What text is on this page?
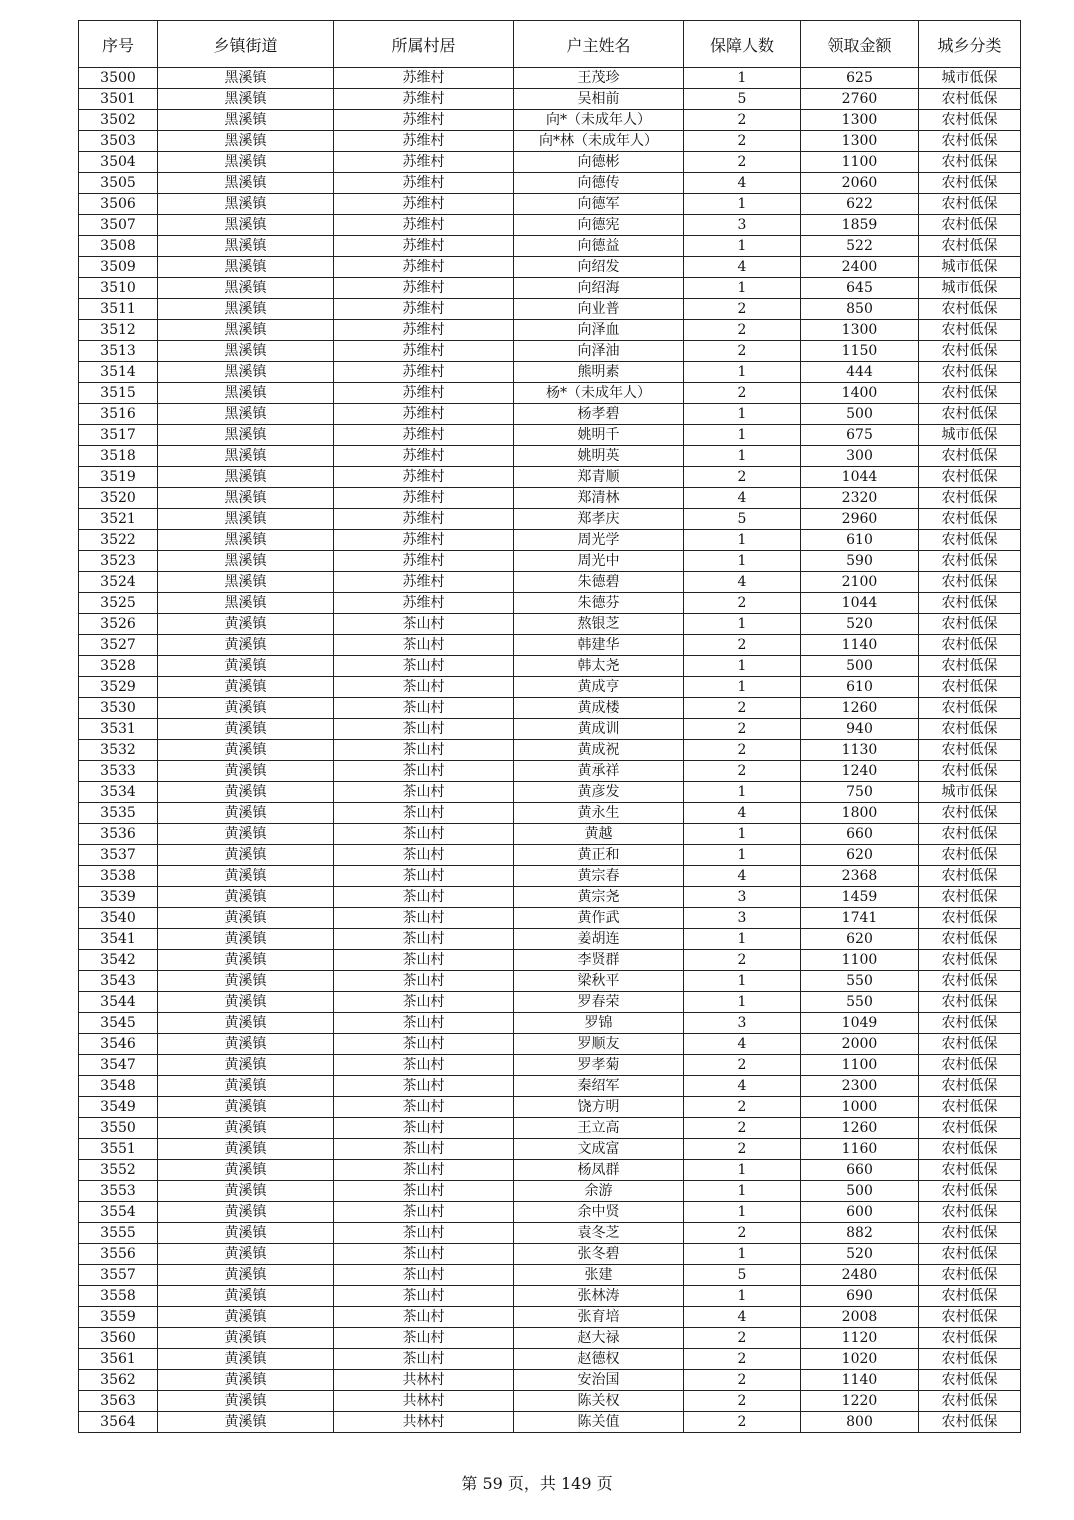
序号	乡镇街道	所属村居	户主姓名	保障人数	领取金额	城乡分类
3500	黑溪镇	苏维村	王茂珍	1	625	城市低保
3501	黑溪镇	苏维村	吴相前	5	2760	农村低保
3502	黑溪镇	苏维村	向*（未成年人）	2	1300	农村低保
3503	黑溪镇	苏维村	向*林（未成年人）	2	1300	农村低保
3504	黑溪镇	苏维村	向德彬	2	1100	农村低保
3505	黑溪镇	苏维村	向德传	4	2060	农村低保
3506	黑溪镇	苏维村	向德军	1	622	农村低保
3507	黑溪镇	苏维村	向德宪	3	1859	农村低保
3508	黑溪镇	苏维村	向德益	1	522	农村低保
3509	黑溪镇	苏维村	向绍发	4	2400	城市低保
3510	黑溪镇	苏维村	向绍海	1	645	城市低保
3511	黑溪镇	苏维村	向业普	2	850	农村低保
3512	黑溪镇	苏维村	向泽血	2	1300	农村低保
3513	黑溪镇	苏维村	向泽油	2	1150	农村低保
3514	黑溪镇	苏维村	熊明素	1	444	农村低保
3515	黑溪镇	苏维村	杨*（未成年人）	2	1400	农村低保
3516	黑溪镇	苏维村	杨孝碧	1	500	农村低保
3517	黑溪镇	苏维村	姚明千	1	675	城市低保
3518	黑溪镇	苏维村	姚明英	1	300	农村低保
3519	黑溪镇	苏维村	郑青顺	2	1044	农村低保
3520	黑溪镇	苏维村	郑清林	4	2320	农村低保
3521	黑溪镇	苏维村	郑孝庆	5	2960	农村低保
3522	黑溪镇	苏维村	周光学	1	610	农村低保
3523	黑溪镇	苏维村	周光中	1	590	农村低保
3524	黑溪镇	苏维村	朱德碧	4	2100	农村低保
3525	黑溪镇	苏维村	朱德芬	2	1044	农村低保
3526	黄溪镇	茶山村	熬银芝	1	520	农村低保
3527	黄溪镇	茶山村	韩建华	2	1140	农村低保
3528	黄溪镇	茶山村	韩太尧	1	500	农村低保
3529	黄溪镇	茶山村	黄成亨	1	610	农村低保
3530	黄溪镇	茶山村	黄成楼	2	1260	农村低保
3531	黄溪镇	茶山村	黄成训	2	940	农村低保
3532	黄溪镇	茶山村	黄成祝	2	1130	农村低保
3533	黄溪镇	茶山村	黄承祥	2	1240	农村低保
3534	黄溪镇	茶山村	黄彦发	1	750	城市低保
3535	黄溪镇	茶山村	黄永生	4	1800	农村低保
3536	黄溪镇	茶山村	黄越	1	660	农村低保
3537	黄溪镇	茶山村	黄正和	1	620	农村低保
3538	黄溪镇	茶山村	黄宗春	4	2368	农村低保
3539	黄溪镇	茶山村	黄宗尧	3	1459	农村低保
3540	黄溪镇	茶山村	黄作武	3	1741	农村低保
3541	黄溪镇	茶山村	姜胡连	1	620	农村低保
3542	黄溪镇	茶山村	李贤群	2	1100	农村低保
3543	黄溪镇	茶山村	梁秋平	1	550	农村低保
3544	黄溪镇	茶山村	罗春荣	1	550	农村低保
3545	黄溪镇	茶山村	罗锦	3	1049	农村低保
3546	黄溪镇	茶山村	罗顺友	4	2000	农村低保
3547	黄溪镇	茶山村	罗孝菊	2	1100	农村低保
3548	黄溪镇	茶山村	秦绍军	4	2300	农村低保
3549	黄溪镇	茶山村	饶方明	2	1000	农村低保
3550	黄溪镇	茶山村	王立高	2	1260	农村低保
3551	黄溪镇	茶山村	文成富	2	1160	农村低保
3552	黄溪镇	茶山村	杨凤群	1	660	农村低保
3553	黄溪镇	茶山村	余游	1	500	农村低保
3554	黄溪镇	茶山村	余中贤	1	600	农村低保
3555	黄溪镇	茶山村	袁冬芝	2	882	农村低保
3556	黄溪镇	茶山村	张冬碧	1	520	农村低保
3557	黄溪镇	茶山村	张建	5	2480	农村低保
3558	黄溪镇	茶山村	张林涛	1	690	农村低保
3559	黄溪镇	茶山村	张育培	4	2008	农村低保
3560	黄溪镇	茶山村	赵大禄	2	1120	农村低保
3561	黄溪镇	茶山村	赵德权	2	1020	农村低保
3562	黄溪镇	共林村	安治国	2	1140	农村低保
3563	黄溪镇	共林村	陈关权	2	1220	农村低保
3564	黄溪镇	共林村	陈关值	2	800	农村低保
第 59 页，共 149 页
